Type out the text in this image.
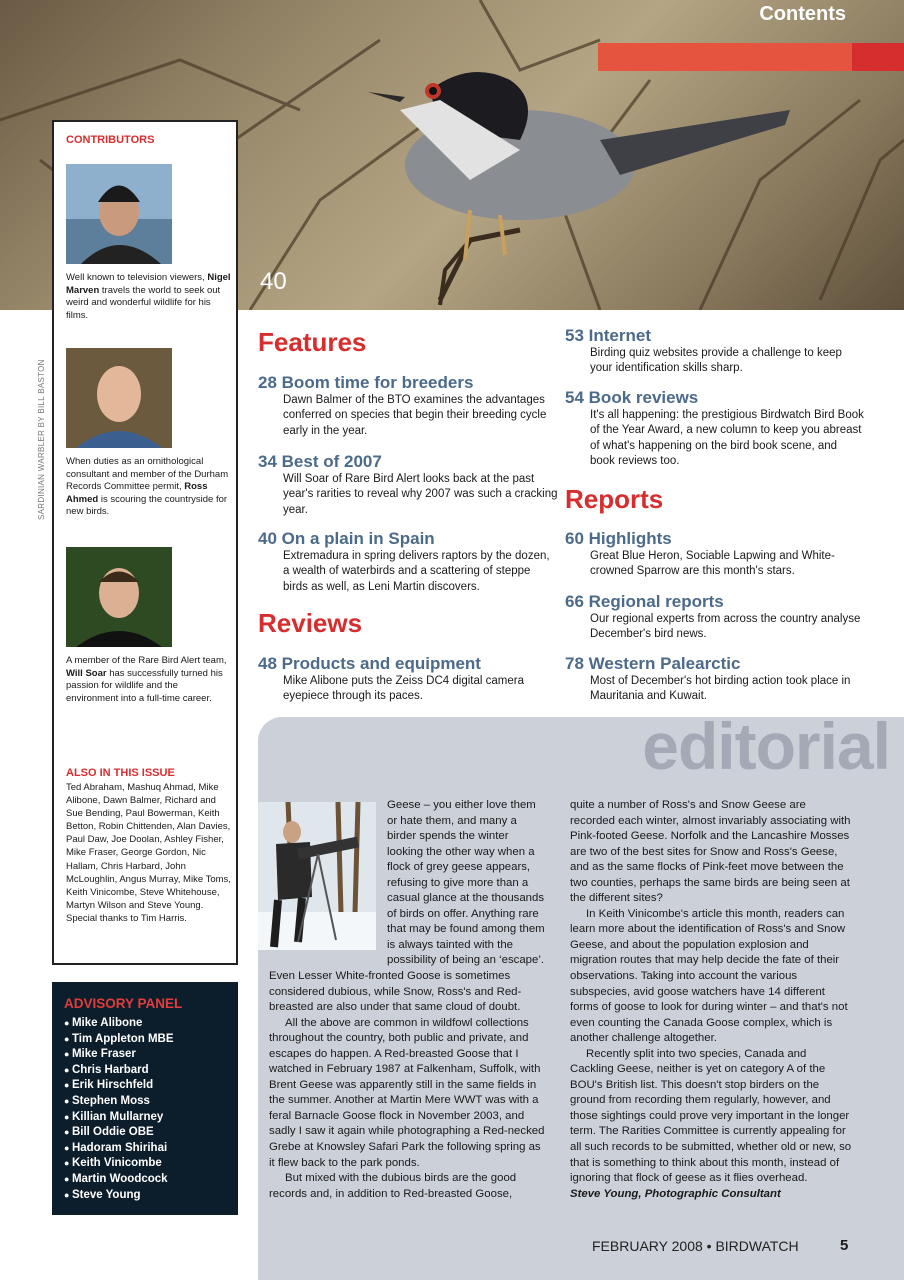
Contents
40
SARDINIAN WARBLER BY BILL BASTON
CONTRIBUTORS

Well known to television viewers, Nigel Marven travels the world to seek out weird and wonderful wildlife for his films.

When duties as an ornithological consultant and member of the Durham Records Committee permit, Ross Ahmed is scouring the countryside for new birds.

A member of the Rare Bird Alert team, Will Soar has successfully turned his passion for wildlife and the environment into a full-time career.

ALSO IN THIS ISSUE

Ted Abraham, Mashuq Ahmad, Mike Alibone, Dawn Balmer, Richard and Sue Bending, Paul Bowerman, Keith Betton, Robin Chittenden, Alan Davies, Paul Daw, Joe Doolan, Ashley Fisher, Mike Fraser, George Gordon, Nic Hallam, Chris Harbard, John McLoughlin, Angus Murray, Mike Toms, Keith Vinicombe, Steve Whitehouse, Martyn Wilson and Steve Young. Special thanks to Tim Harris.

ADVISORY PANEL
● Mike Alibone
● Tim Appleton MBE
● Mike Fraser
● Chris Harbard
● Erik Hirschfeld
● Stephen Moss
● Killian Mullarney
● Bill Oddie OBE
● Hadoram Shirihai
● Keith Vinicombe
● Martin Woodcock
● Steve Young
Features
28 Boom time for breeders

Dawn Balmer of the BTO examines the advantages conferred on species that begin their breeding cycle early in the year.

34 Best of 2007

Will Soar of Rare Bird Alert looks back at the past year's rarities to reveal why 2007 was such a cracking year.

40 On a plain in Spain

Extremadura in spring delivers raptors by the dozen, a wealth of waterbirds and a scattering of steppe birds as well, as Leni Martin discovers.

Reviews
48 Products and equipment

Mike Alibone puts the Zeiss DC4 digital camera eyepiece through its paces.

53 Internet

Birding quiz websites provide a challenge to keep your identification skills sharp.

54 Book reviews

It's all happening: the prestigious Birdwatch Bird Book of the Year Award, a new column to keep you abreast of what's happening on the bird book scene, and book reviews too.

Reports
60 Highlights

Great Blue Heron, Sociable Lapwing and White-crowned Sparrow are this month's stars.

66 Regional reports

Our regional experts from across the country analyse December's bird news.

78 Western Palearctic

Most of December's hot birding action took place in Mauritania and Kuwait.

editorial

Geese – you either love them or hate them, and many a birder spends the winter looking the other way when a flock of grey geese appears, refusing to give more than a casual glance at the thousands of birds on offer. Anything rare that may be found among them is always tainted with the possibility of being an ‘escape’. Even Lesser White-fronted Goose is sometimes considered dubious, while Snow, Ross's and Red-breasted are also under that same cloud of doubt.

All the above are common in wildfowl collections throughout the country, both public and private, and escapes do happen. A Red-breasted Goose that I watched in February 1987 at Falkenham, Suffolk, with Brent Geese was apparently still in the same fields in the summer. Another at Martin Mere WWT was with a feral Barnacle Goose flock in November 2003, and sadly I saw it again while photographing a Red-necked Grebe at Knowsley Safari Park the following spring as it flew back to the park ponds.

But mixed with the dubious birds are the good records and, in addition to Red-breasted Goose,

quite a number of Ross's and Snow Geese are recorded each winter, almost invariably associating with Pink-footed Geese. Norfolk and the Lancashire Mosses are two of the best sites for Snow and Ross's Geese, and as the same flocks of Pink-feet move between the two counties, perhaps the same birds are being seen at the different sites?

In Keith Vinicombe's article this month, readers can learn more about the identification of Ross's and Snow Geese, and about the population explosion and migration routes that may help decide the fate of their observations. Taking into account the various subspecies, avid goose watchers have 14 different forms of goose to look for during winter – and that's not even counting the Canada Goose complex, which is another challenge altogether.

Recently split into two species, Canada and Cackling Geese, neither is yet on category A of the BOU's British list. This doesn't stop birders on the ground from recording them regularly, however, and those sightings could prove very important in the longer term. The Rarities Committee is currently appealing for all such records to be submitted, whether old or new, so that is something to think about this month, instead of ignoring that flock of geese as it flies overhead.

Steve Young, Photographic Consultant

FEBRUARY 2008 • BIRDWATCH	5
